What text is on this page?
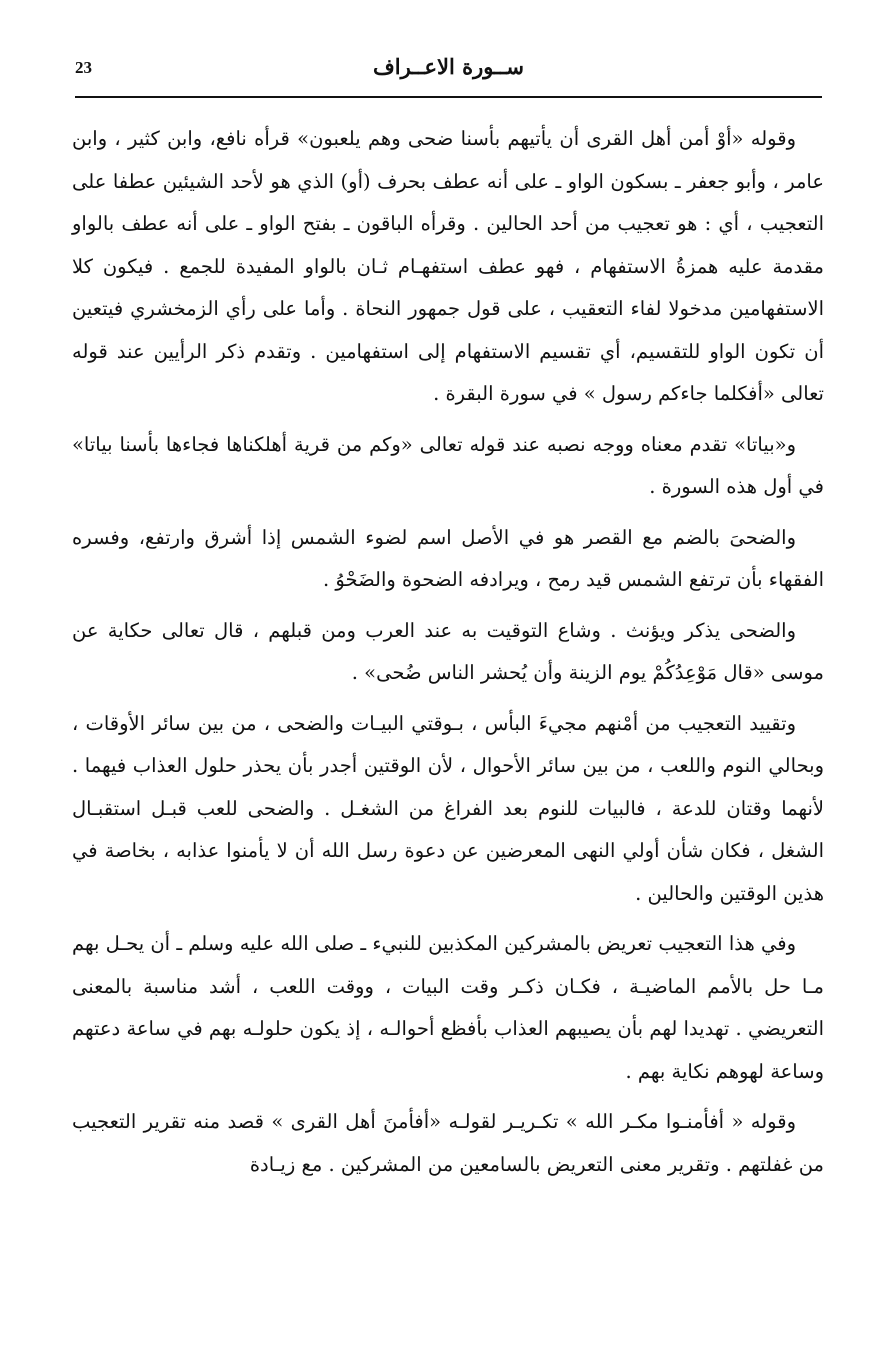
23	ســورة الاعــراف

وقوله «أوْ أمن أهل القرى أن يأتيهم بأسنا ضحى وهم يلعبون» قرأه نافع، وابن كثير ، وابن عامر ، وأبو جعفر ـ بسكون الواو ـ على أنه عطف بحرف (أو) الذي هو لأحد الشيئين عطفا على التعجيب ، أي : هو تعجيب من أحد الحالين . وقرأه الباقون ـ بفتح الواو ـ على أنه عطف بالواو مقدمة عليه همزةُ الاستفهام ، فهو عطف استفهـام ثـان بالواو المفيدة للجمع . فيكون كلا الاستفهامين مدخولا لفاء التعقيب ، على قول جمهور النحاة . وأما على رأي الزمخشري فيتعين أن تكون الواو للتقسيم، أي تقسيم الاستفهام إلى استفهامين . وتقدم ذكر الرأيين عند قوله تعالى «أفكلما جاءكم رسول » في سورة البقرة .

و«بياتا» تقدم معناه ووجه نصبه عند قوله تعالى «وكم من قرية أهلكناها فجاءها بأسنا بياتا» في أول هذه السورة .

والضحىَ بالضم مع القصر هو في الأصل اسم لضوء الشمس إذا أشرق وارتفع، وفسره الفقهاء بأن ترتفع الشمس قيد رمح ، ويرادفه الضحوة والضَحْوُ .

والضحى يذكر ويؤنث . وشاع التوقيت به عند العرب ومن قبلهم ، قال تعالى حكاية عن موسى «قال مَوْعِدُكُمْ يوم الزينة وأن يُحشر الناس ضُحى» .

وتقييد التعجيب من أمْنهم مجيءَ البأس ، بـوقتي البيـات والضحى ، من بين سائر الأوقات ، وبحالي النوم واللعب ، من بين سائر الأحوال ، لأن الوقتين أجدر بأن يحذر حلول العذاب فيهما . لأنهما وقتان للدعة ، فالبيات للنوم بعد الفراغ من الشغـل . والضحى للعب قبـل استقبـال الشغل ، فكان شأن أولي النهى المعرضين عن دعوة رسل الله أن لا يأمنوا عذابه ، بخاصة في هذين الوقتين والحالين .

وفي هذا التعجيب تعريض بالمشركين المكذبين للنبيء ـ صلى الله عليه وسلم ـ أن يحـل بهم مـا حل بالأمم الماضيـة ، فكـان ذكـر وقت البيات ، ووقت اللعب ، أشد مناسبة بالمعنى التعريضي . تهديدا لهم بأن يصيبهم العذاب بأفظع أحوالـه ، إذ يكون حلولـه بهم في ساعة دعتهم وساعة لهوهم نكاية بهم .

وقوله « أفأمنـوا مكـر الله » تكـريـر لقولـه «أفأمنَ أهل القرى » قصد منه تقرير التعجيب من غفلتهم . وتقرير معنى التعريض بالسامعين من المشركين . مع زيـادة
